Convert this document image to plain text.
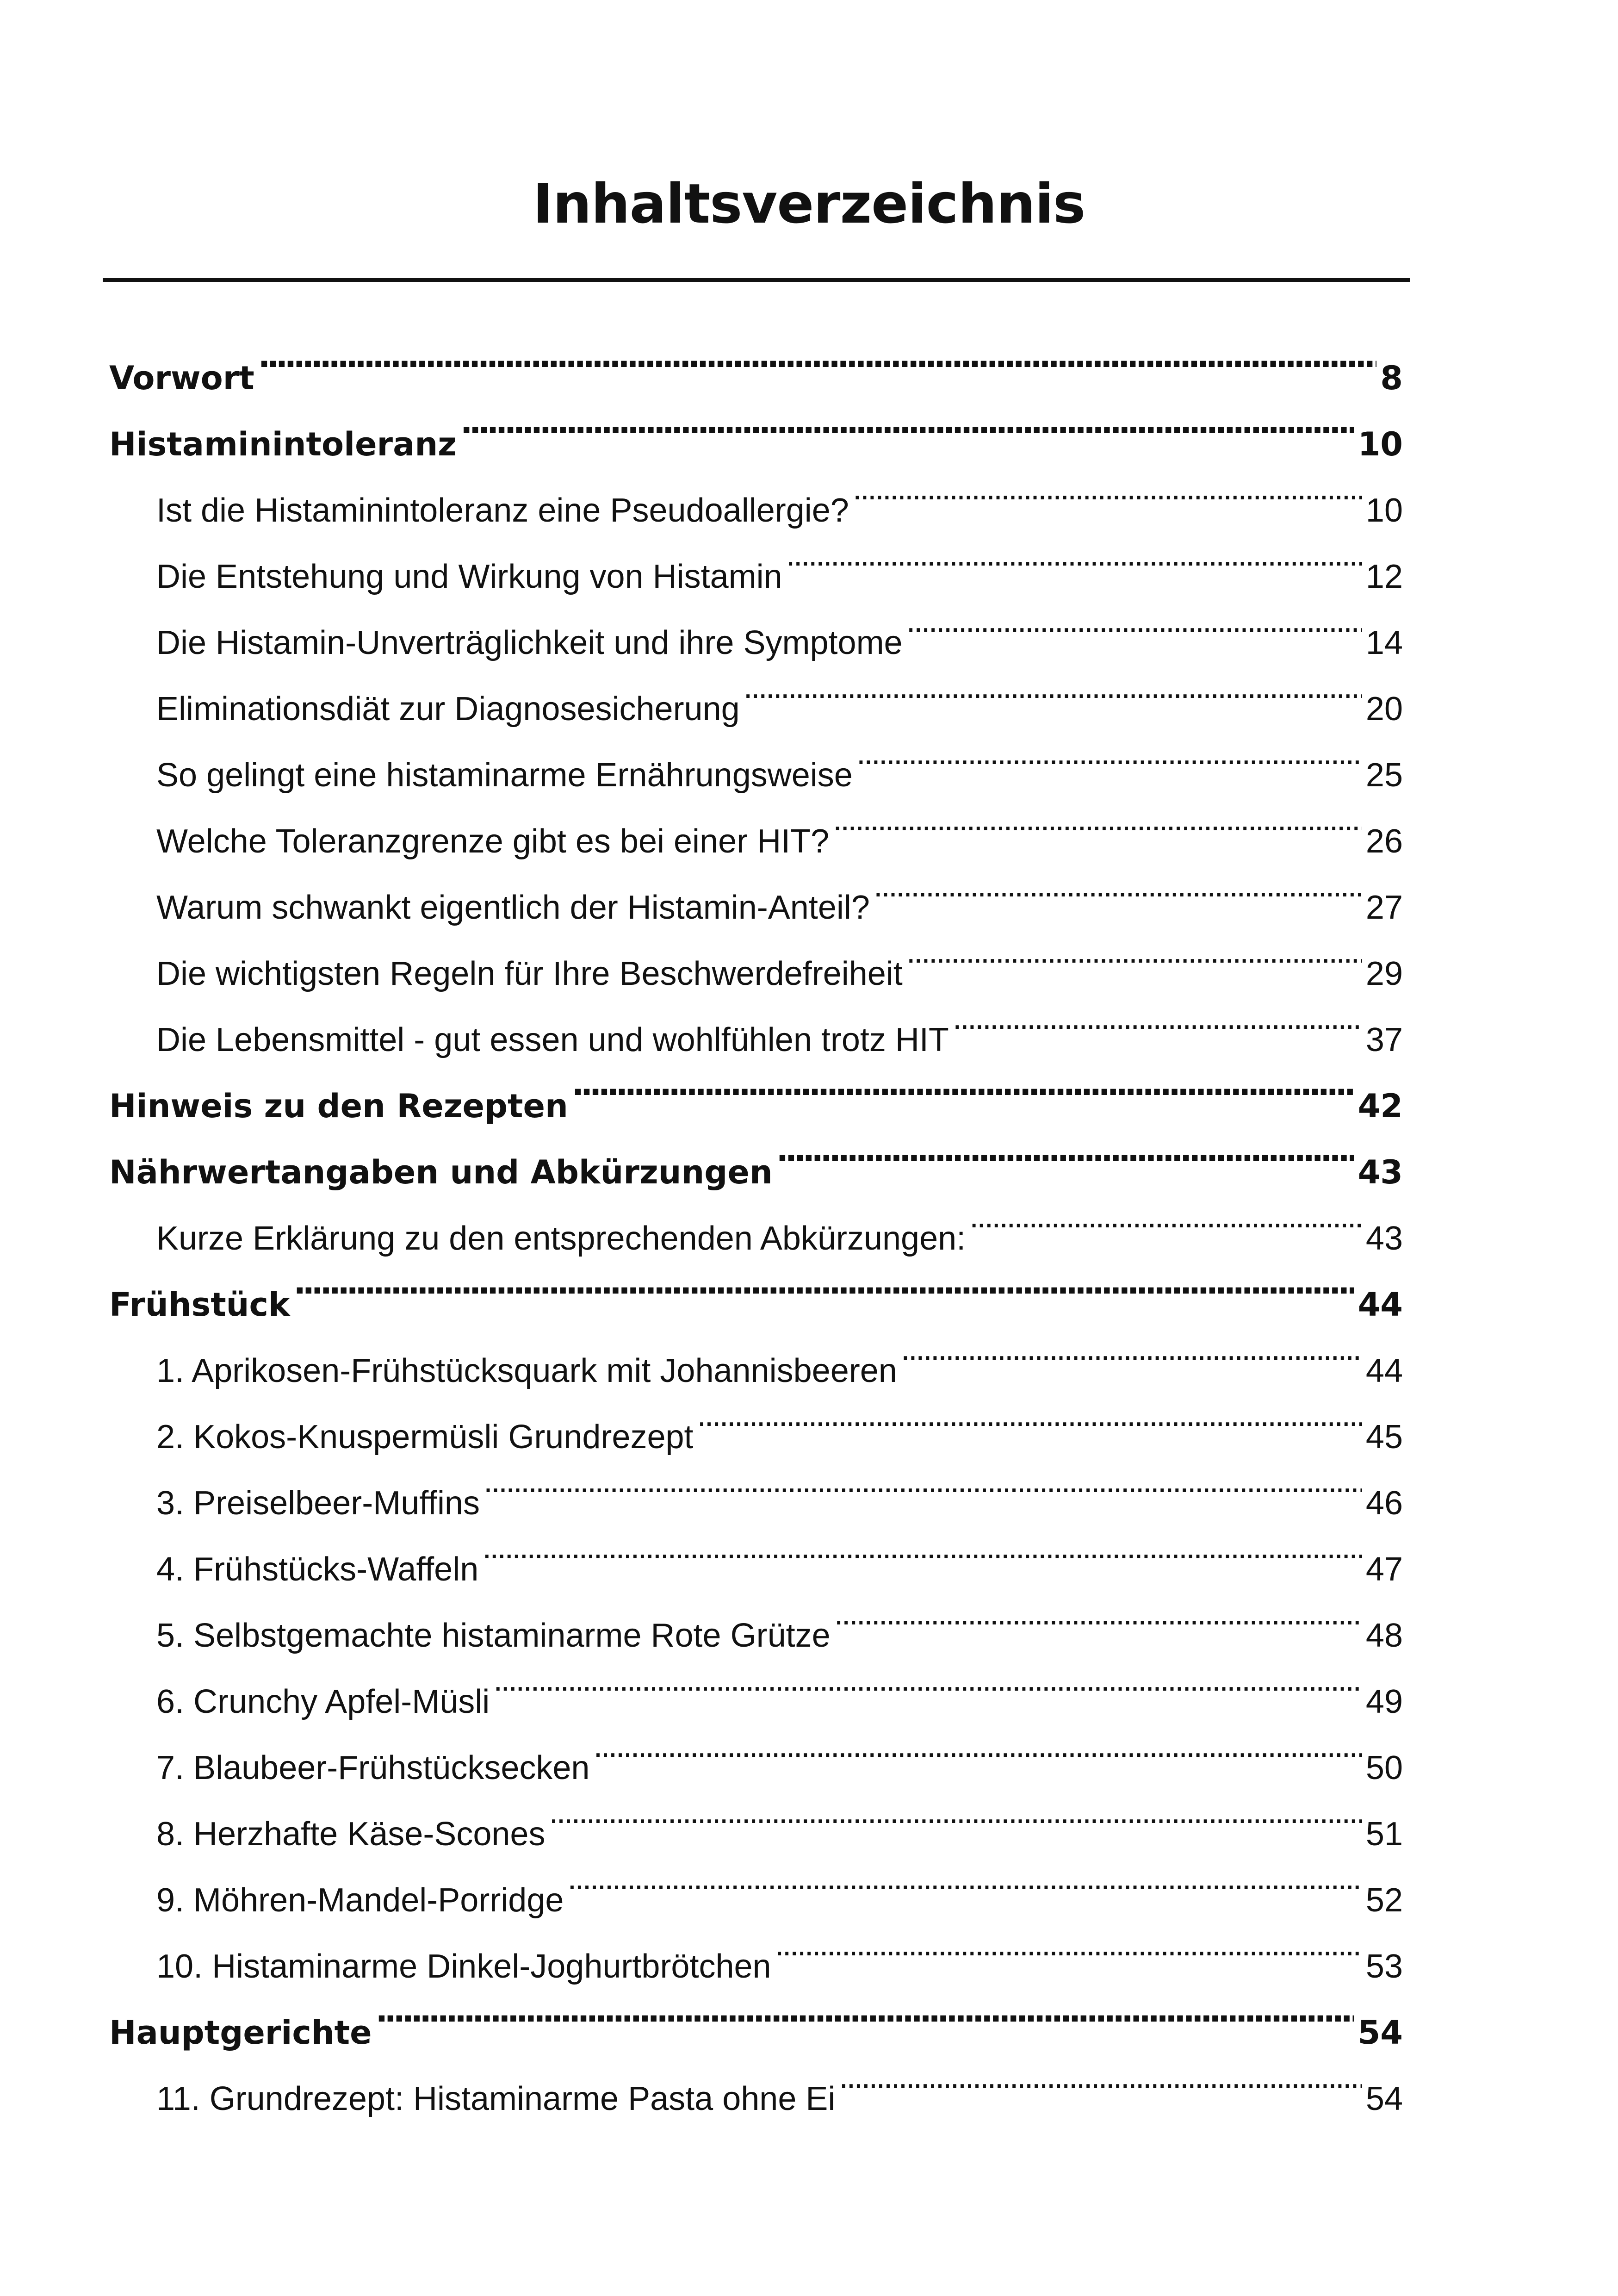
Inhaltsverzeichnis
Vorwort . . .	8
Histaminintoleranz . . .	10
Ist die Histaminintoleranz eine Pseudoallergie? . . .	10
Die Entstehung und Wirkung von Histamin . . .	12
Die Histamin-Unverträglichkeit und ihre Symptome . . .	14
Eliminationsdiät zur Diagnosesicherung . . .	20
So gelingt eine histaminarme Ernährungsweise . . .	25
Welche Toleranzgrenze gibt es bei einer HIT? . . .	26
Warum schwankt eigentlich der Histamin-Anteil? . . .	27
Die wichtigsten Regeln für Ihre Beschwerdefreiheit . . .	29
Die Lebensmittel - gut essen und wohlfühlen trotz HIT . . .	37
Hinweis zu den Rezepten . . .	42
Nährwertangaben und Abkürzungen . . .	43
Kurze Erklärung zu den entsprechenden Abkürzungen: . . .	43
Frühstück . . .	44
1. Aprikosen-Frühstücksquark mit Johannisbeeren . . .	44
2. Kokos-Knuspermüsli Grundrezept . . .	45
3. Preiselbeer-Muffins . . .	46
4. Frühstücks-Waffeln . . .	47
5. Selbstgemachte histaminarme Rote Grütze . . .	48
6. Crunchy Apfel-Müsli . . .	49
7. Blaubeer-Frühstücksecken . . .	50
8. Herzhafte Käse-Scones . . .	51
9. Möhren-Mandel-Porridge . . .	52
10. Histaminarme Dinkel-Joghurtbrötchen . . .	53
Hauptgerichte . . .	54
11. Grundrezept: Histaminarme Pasta ohne Ei . . .	54
